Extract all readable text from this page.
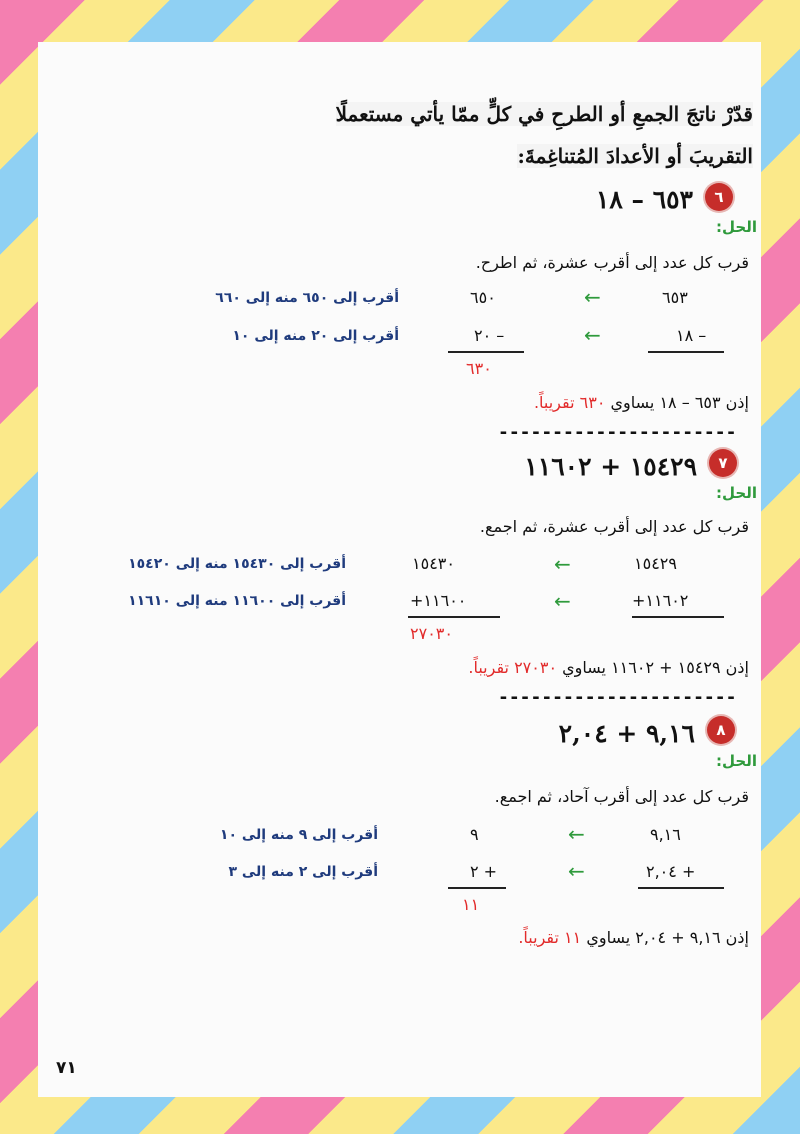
قدّرْ ناتجَ الجمعِ أو الطرحِ في كلٍّ ممّا يأتي مستعملًا
التقريبَ أو الأعدادَ المُتناغِمةَ:
٦
٦٥٣ – ١٨
الحل:
قرب كل عدد إلى أقرب عشرة، ثم اطرح.
٦٥٣
←
٦٥٠
أقرب إلى ٦٥٠ منه إلى ٦٦٠
١٨ –
←
٢٠ –
أقرب إلى ٢٠ منه إلى ١٠
٦٣٠
إذن ٦٥٣ – ١٨ يساوي ٦٣٠ تقريباً.
----------------------
٧
١٥٤٢٩ + ١١٦٠٢
الحل:
قرب كل عدد إلى أقرب عشرة، ثم اجمع.
١٥٤٢٩
←
١٥٤٣٠
أقرب إلى ١٥٤٣٠ منه إلى ١٥٤٢٠
+١١٦٠٢
←
+١١٦٠٠
أقرب إلى ١١٦٠٠ منه إلى ١١٦١٠
٢٧٠٣٠
إذن ١٥٤٢٩ + ١١٦٠٢ يساوي ٢٧٠٣٠ تقريباً.
----------------------
٨
٩,١٦ + ٢,٠٤
الحل:
قرب كل عدد إلى أقرب آحاد، ثم اجمع.
٩,١٦
←
٩
أقرب إلى ٩ منه إلى ١٠
٢,٠٤ +
←
٢ +
أقرب إلى ٢ منه إلى ٣
١١
إذن ٩,١٦ + ٢,٠٤ يساوي ١١ تقريباً.
٧١
